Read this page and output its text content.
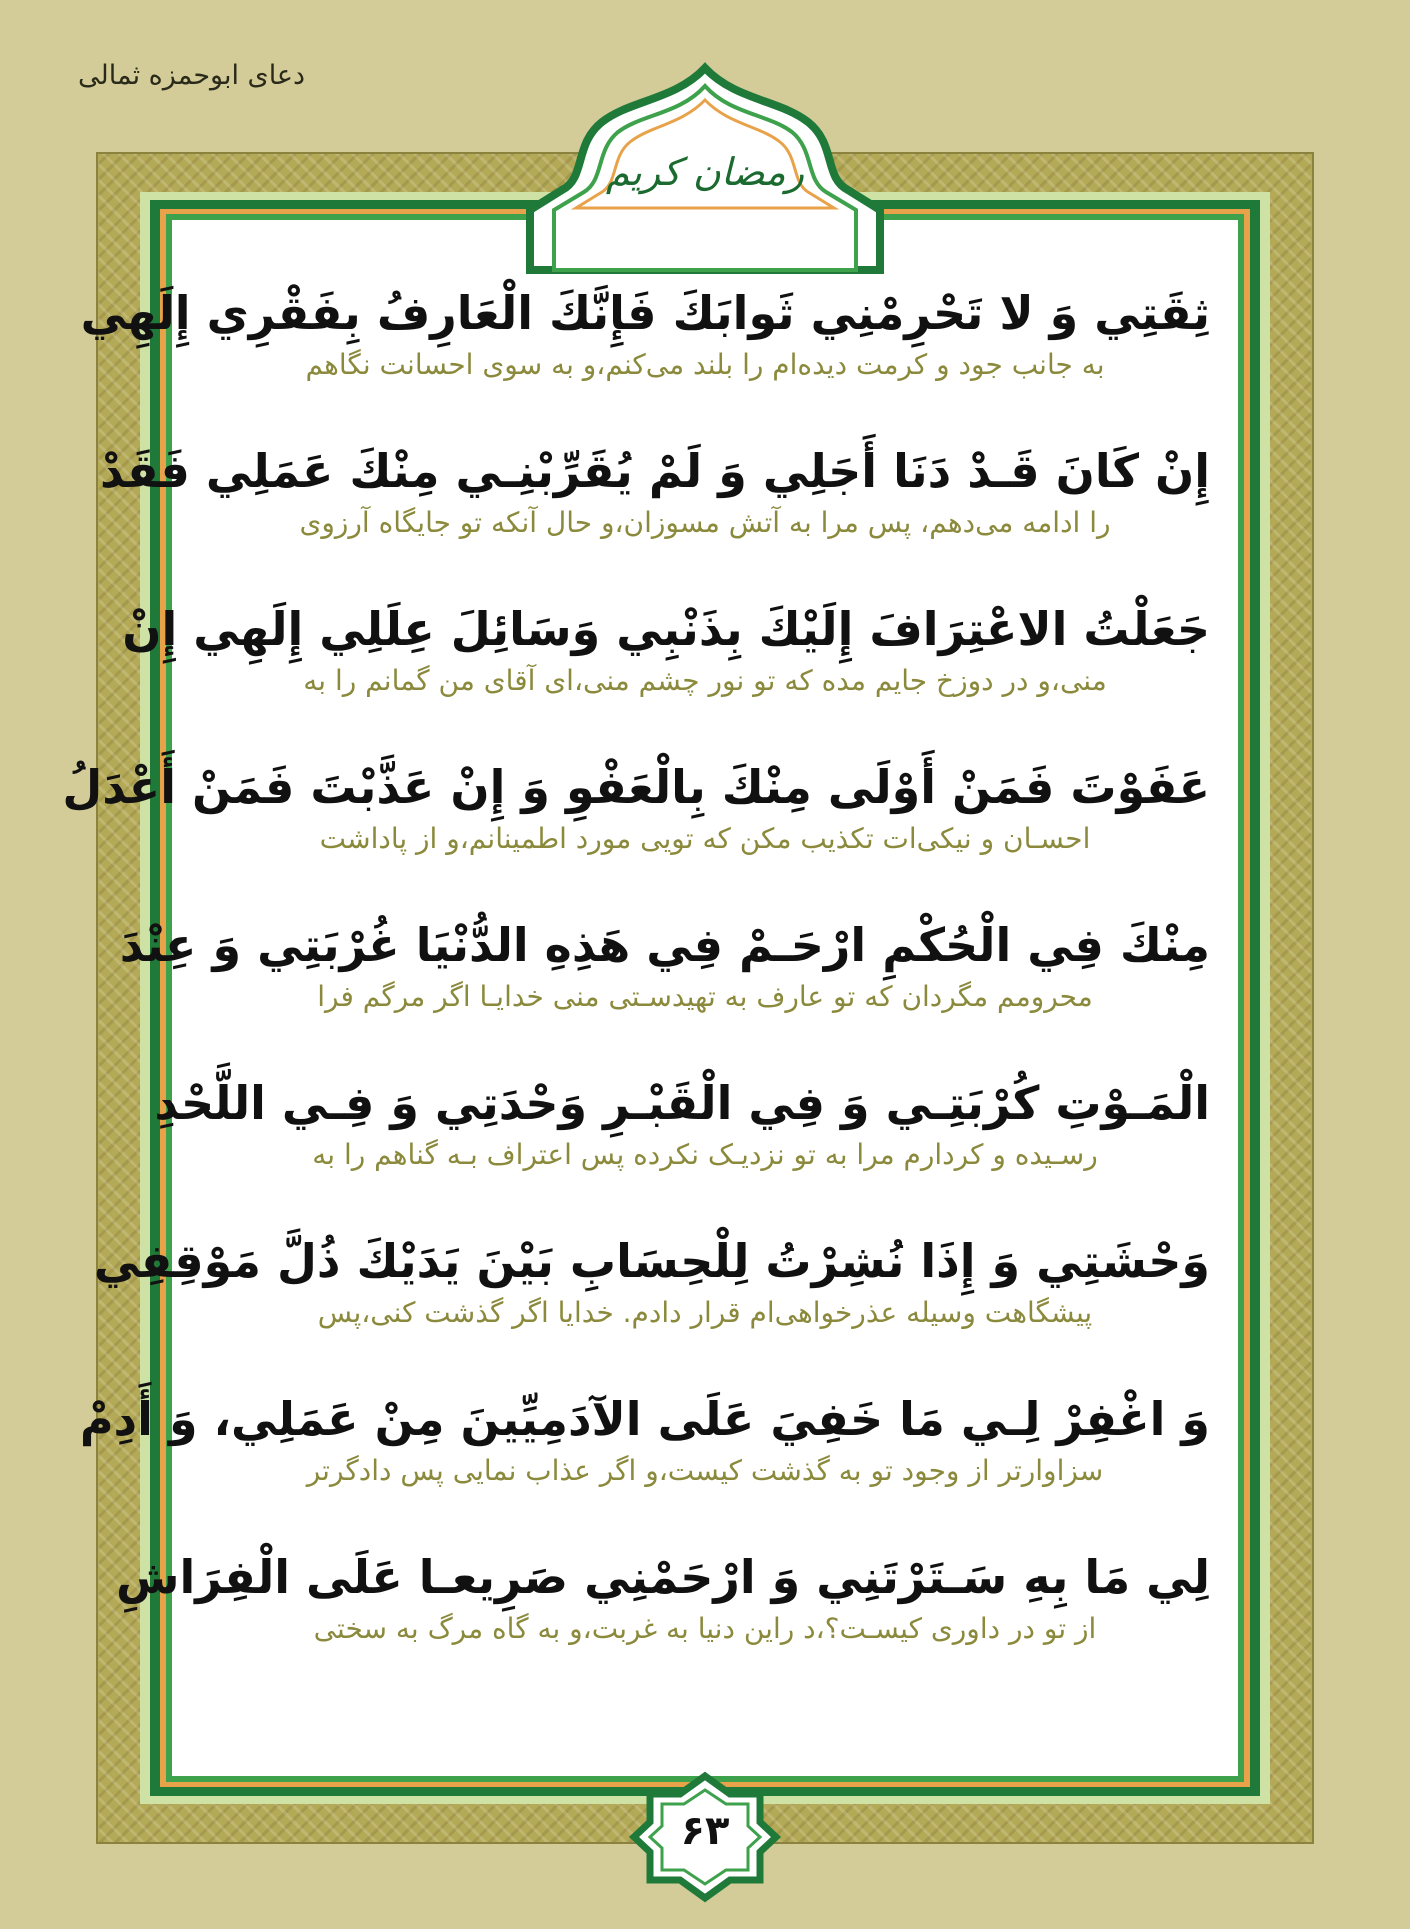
دعای ابوحمزه ثمالی
رمضان کریم
ثِقَتِي وَ لا تَحْرِمْنِي ثَوابَكَ فَإِنَّكَ الْعَارِفُ بِفَقْرِي إِلَهِي
به جانب جود و کرمت دیده‌ام را بلند می‌کنم،و به سوی احسانت نگاهم
إِنْ كَانَ قَـدْ دَنَا أَجَلِي وَ لَمْ يُقَرِّبْنِـي مِنْكَ عَمَلِي فَقَدْ
را ادامه می‌دهم، پس مرا به آتش مسوزان،و حال آنکه تو جایگاه آرزوی
جَعَلْتُ الاعْتِرَافَ إِلَيْكَ بِذَنْبِي وَسَائِلَ عِلَلِي إِلَهِي إِنْ
منی،و در دوزخ جایم مده که تو نور چشم منی،ای آقای من گمانم را به
عَفَوْتَ فَمَنْ أَوْلَى مِنْكَ بِالْعَفْوِ وَ إِنْ عَذَّبْتَ فَمَنْ أَعْدَلُ
احسـان و نیکی‌ات تکذیب مکن که تویی مورد اطمینانم،و از پاداشت
مِنْكَ فِي الْحُكْمِ ارْحَـمْ فِي هَذِهِ الدُّنْيَا غُرْبَتِي وَ عِنْدَ
محرومم مگردان که تو عارف به تهیدسـتی منی خدایـا اگر مرگم فرا
الْمَـوْتِ كُرْبَتِـي وَ فِي الْقَبْـرِ وَحْدَتِي وَ فِـي اللَّحْدِ
رسـیده و کردارم مرا به تو نزدیـک نکرده پس اعتراف بـه گناهم را به
وَحْشَتِي وَ إِذَا نُشِرْتُ لِلْحِسَابِ بَيْنَ يَدَيْكَ ذُلَّ مَوْقِفِي
پیشگاهت وسیله عذرخواهی‌ام قرار دادم. خدایا اگر گذشت کنی،پس
وَ اغْفِرْ لِـي مَا خَفِيَ عَلَى الآدَمِيِّينَ مِنْ عَمَلِي، وَ أَدِمْ
سزاوارتر از وجود تو به گذشت کیست،و اگر عذاب نمایی پس دادگرتر
لِي مَا بِهِ سَـتَرْتَنِي وَ ارْحَمْنِي صَرِيعـا عَلَى الْفِرَاشِ
از تو در داوری کیسـت؟،د راین دنیا به غربت،و به گاه مرگ به سختی
۶۳
